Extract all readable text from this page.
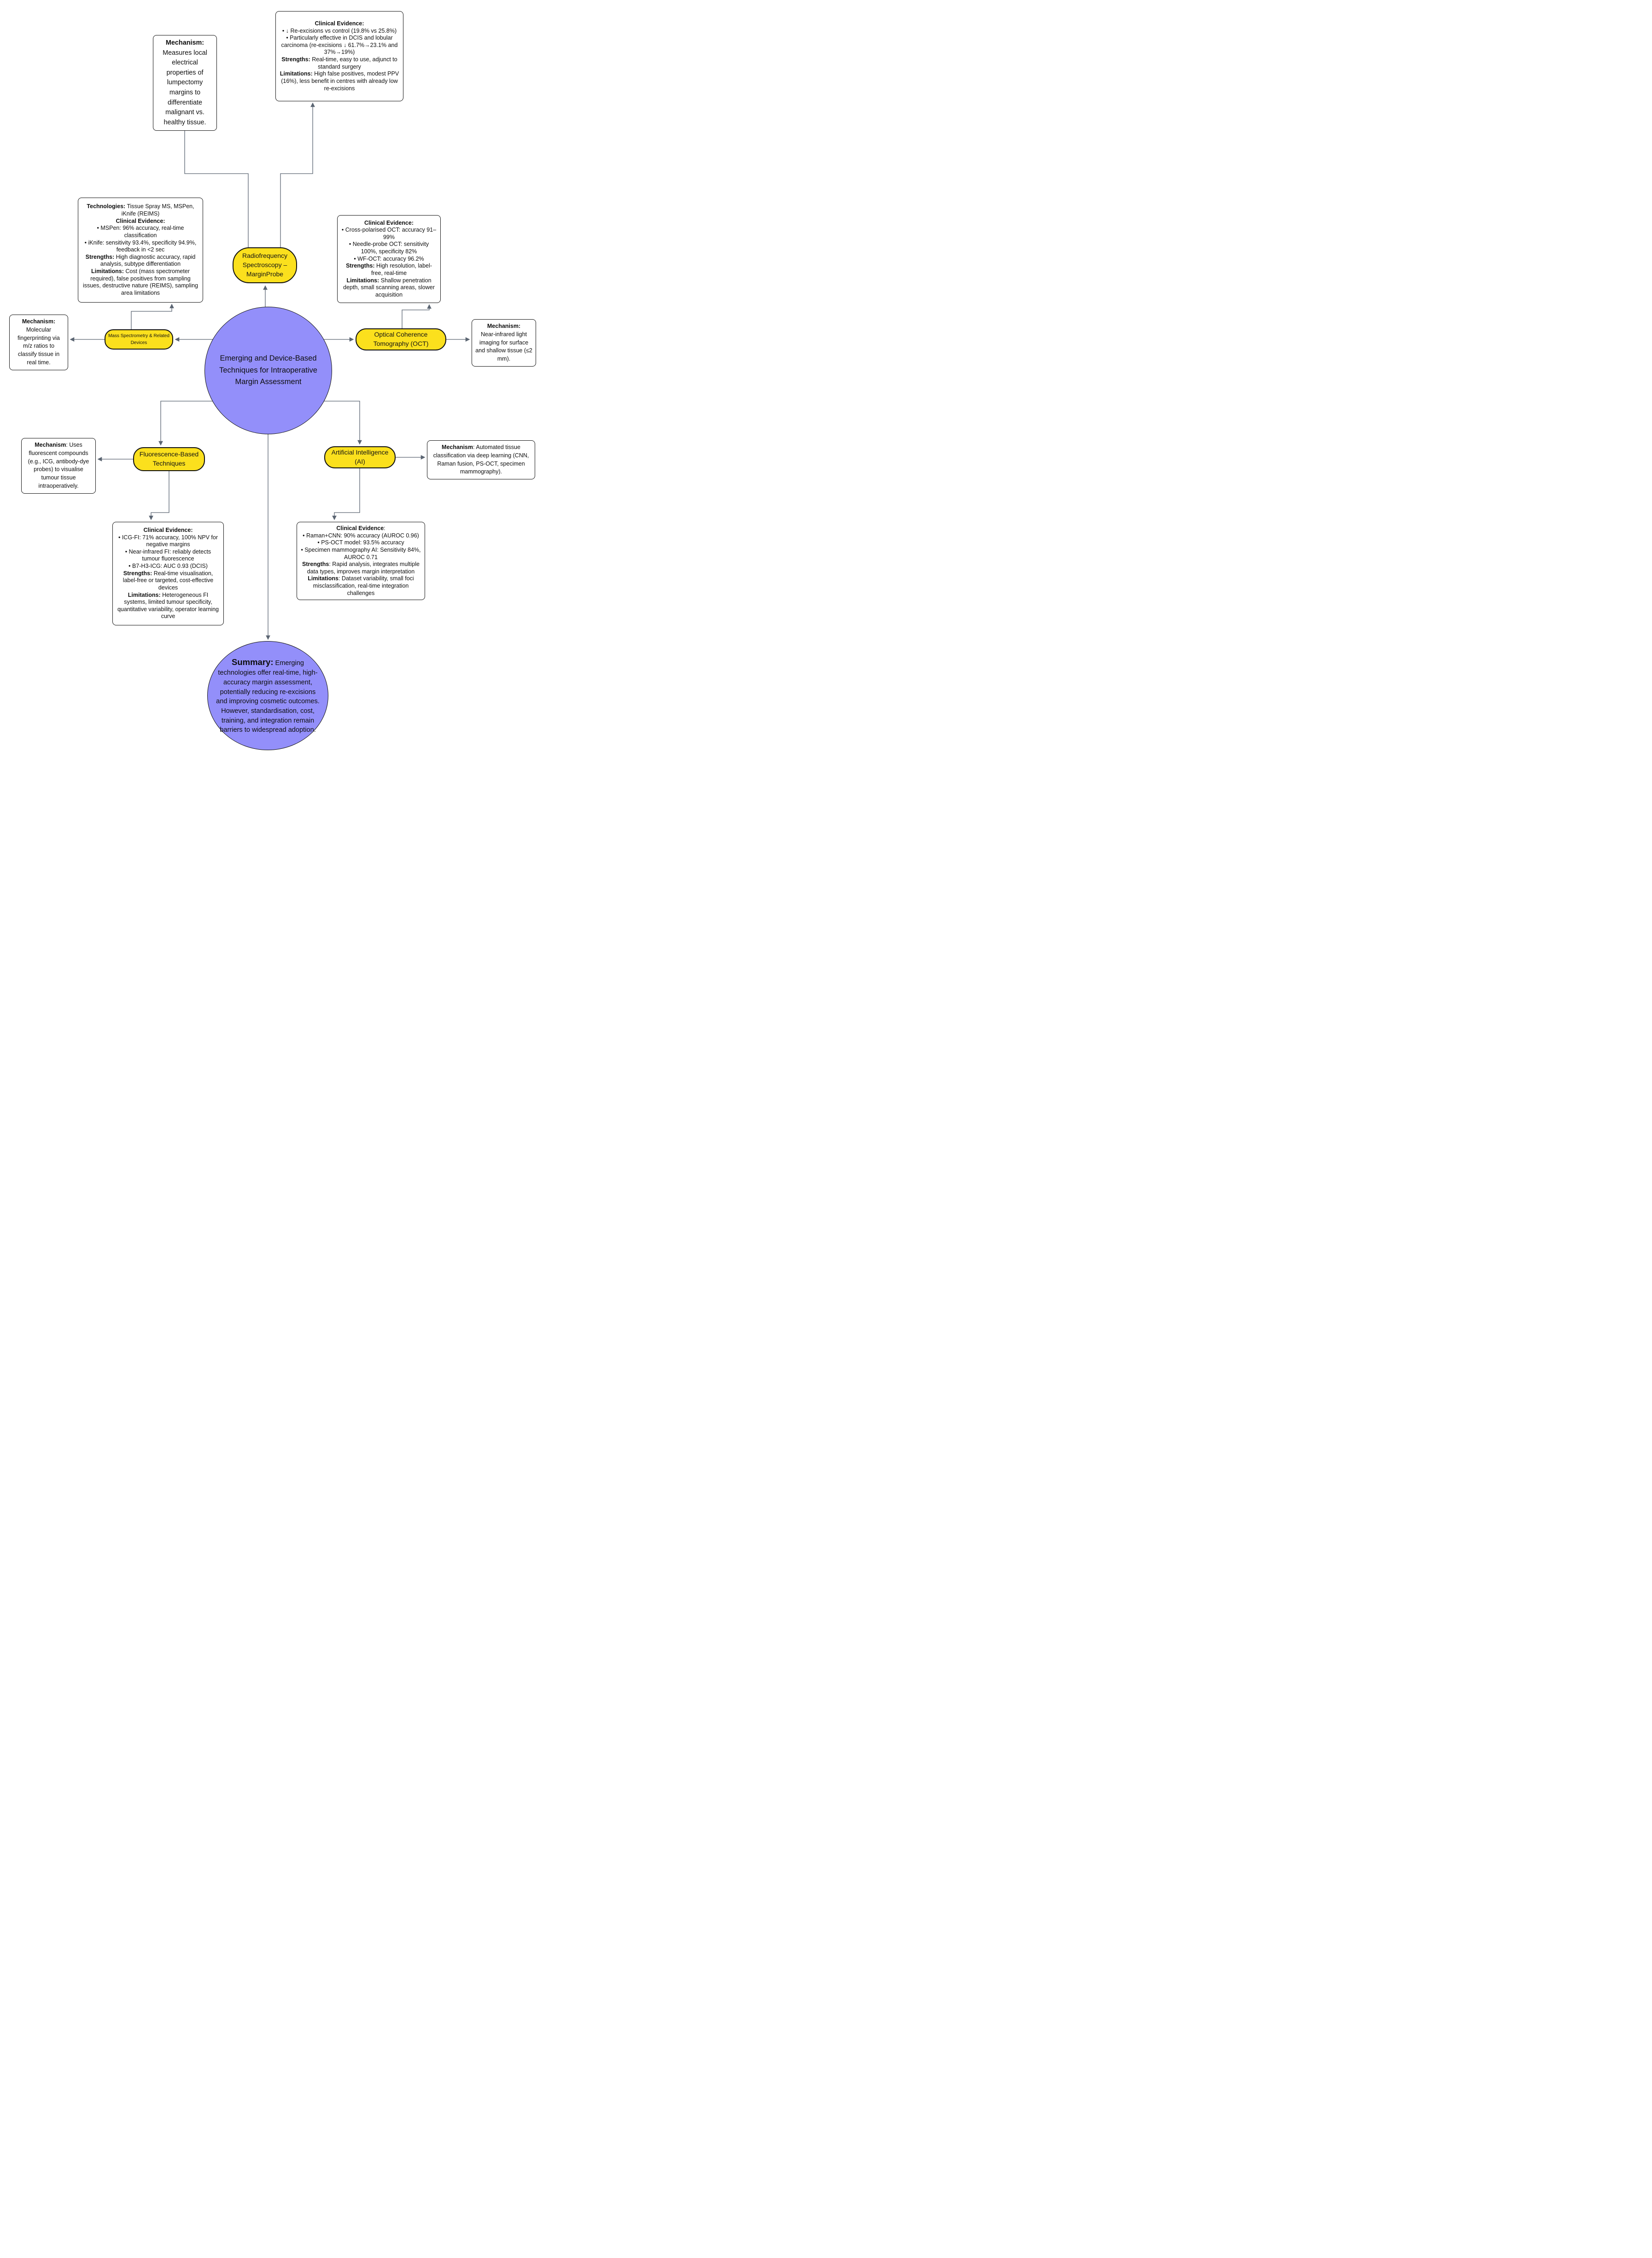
Mechanism: Measures local electrical properties of lumpectomy margins to differentiate malignant vs. healthy tissue.
Clinical Evidence:
• ↓ Re-excisions vs control (19.8% vs 25.8%)
• Particularly effective in DCIS and lobular carcinoma (re-excisions ↓ 61.7%→23.1% and 37%→19%)
Strengths: Real-time, easy to use, adjunct to standard surgery
Limitations: High false positives, modest PPV (16%), less benefit in centres with already low re-excisions
Radiofrequency Spectroscopy – MarginProbe
Technologies: Tissue Spray MS, MSPen, iKnife (REIMS)
Clinical Evidence:
• MSPen: 96% accuracy, real-time classification
• iKnife: sensitivity 93.4%, specificity 94.9%, feedback in <2 sec
Strengths: High diagnostic accuracy, rapid analysis, subtype differentiation
Limitations: Cost (mass spectrometer required), false positives from sampling issues, destructive nature (REIMS), sampling area limitations
Mechanism:
Molecular fingerprinting via m/z ratios to classify tissue in real time.
Mass Spectrometry & Related Devices
Emerging and Device-Based Techniques for Intraoperative Margin Assessment
Clinical Evidence:
• Cross-polarised OCT: accuracy 91–99%
• Needle-probe OCT: sensitivity 100%, specificity 82%
• WF-OCT: accuracy 96.2%
Strengths: High resolution, label-free, real-time
Limitations: Shallow penetration depth, small scanning areas, slower acquisition
Mechanism:
Near-infrared light imaging for surface and shallow tissue (≤2 mm).
Optical Coherence Tomography (OCT)
Mechanism: Uses fluorescent compounds (e.g., ICG, antibody-dye probes) to visualise tumour tissue intraoperatively.
Fluorescence-Based Techniques
Clinical Evidence:
• ICG-FI: 71% accuracy, 100% NPV for negative margins
• Near-infrared FI: reliably detects tumour fluorescence
• B7-H3-ICG: AUC 0.93 (DCIS)
Strengths: Real-time visualisation, label-free or targeted, cost-effective devices
Limitations: Heterogeneous FI systems, limited tumour specificity, quantitative variability, operator learning curve
Mechanism: Automated tissue classification via deep learning (CNN, Raman fusion, PS-OCT, specimen mammography).
Artificial Intelligence (AI)
Clinical Evidence:
• Raman+CNN: 90% accuracy (AUROC 0.96)
• PS-OCT model: 93.5% accuracy
• Specimen mammography AI: Sensitivity 84%, AUROC 0.71
Strengths: Rapid analysis, integrates multiple data types, improves margin interpretation
Limitations: Dataset variability, small foci misclassification, real-time integration challenges
Summary: Emerging technologies offer real-time, high-accuracy margin assessment, potentially reducing re-excisions and improving cosmetic outcomes. However, standardisation, cost, training, and integration remain barriers to widespread adoption.
